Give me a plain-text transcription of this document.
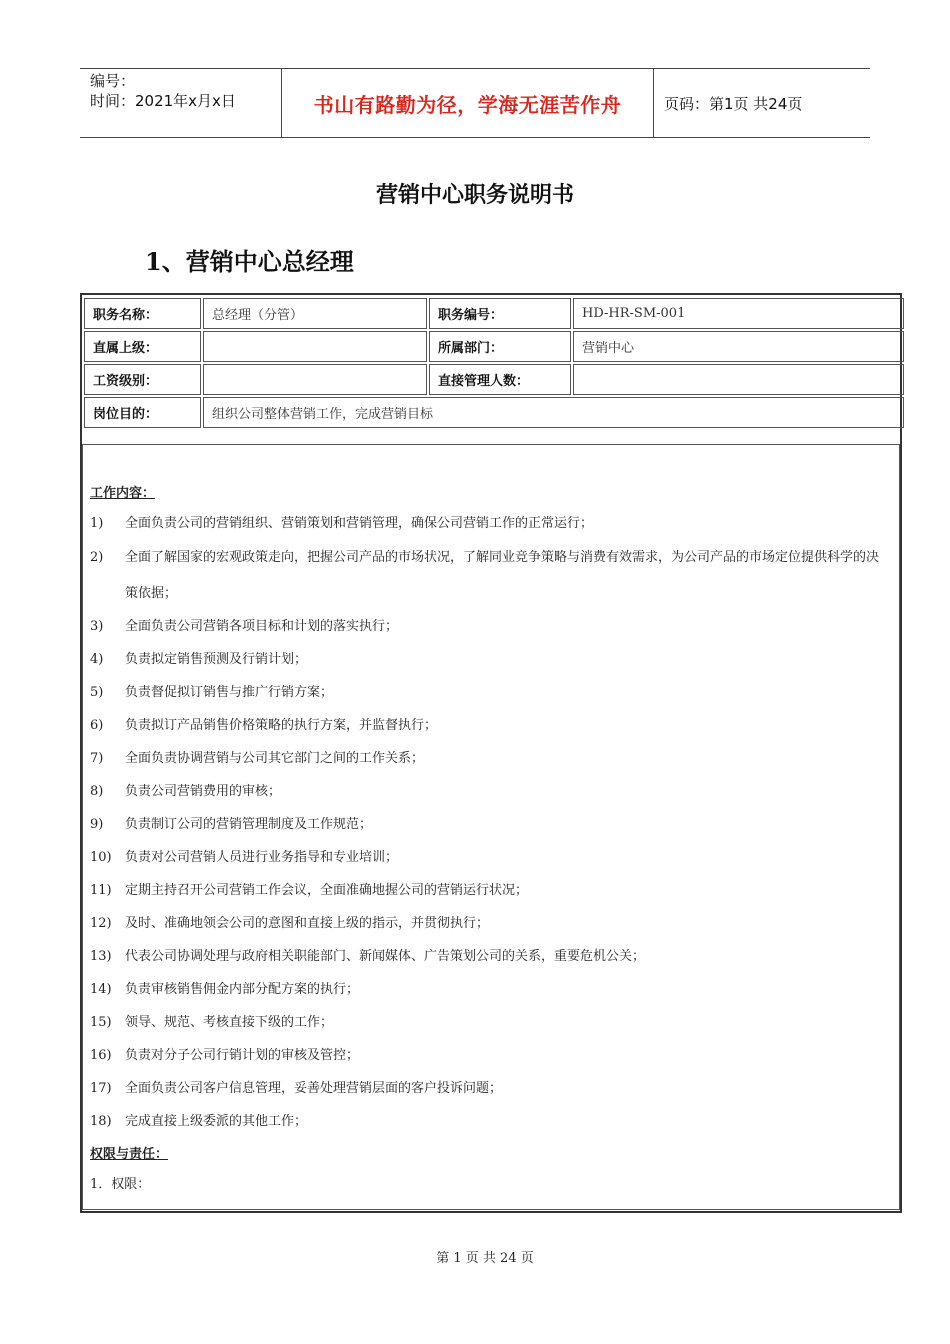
编号：
时间：2021年x月x日	书山有路勤为径，学海无涯苦作舟	页码：第1页 共24页
营销中心职务说明书
1、营销中心总经理
职务名称：	总经理（分管）	职务编号：	HD-HR-SM-001
直属上级：		所属部门：	营销中心
工资级别：		直接管理人数：	
岗位目的：	组织公司整体营销工作，完成营销目标		
工作内容：
1)	全面负责公司的营销组织、营销策划和营销管理，确保公司营销工作的正常运行；
2)	全面了解国家的宏观政策走向，把握公司产品的市场状况，了解同业竞争策略与消费有效需求，为公司产品的市场定位提供科学的决策依据；
3)	全面负责公司营销各项目标和计划的落实执行；
4)	负责拟定销售预测及行销计划；
5)	负责督促拟订销售与推广行销方案；
6)	负责拟订产品销售价格策略的执行方案，并监督执行；
7)	全面负责协调营销与公司其它部门之间的工作关系；
8)	负责公司营销费用的审核；
9)	负责制订公司的营销管理制度及工作规范；
10)	负责对公司营销人员进行业务指导和专业培训；
11)	定期主持召开公司营销工作会议，全面准确地握公司的营销运行状况；
12)	及时、准确地领会公司的意图和直接上级的指示，并贯彻执行；
13)	代表公司协调处理与政府相关职能部门、新闻媒体、广告策划公司的关系，重要危机公关；
14)	负责审核销售佣金内部分配方案的执行；
15)	领导、规范、考核直接下级的工作；
16)	负责对分子公司行销计划的审核及管控；
17)	全面负责公司客户信息管理，妥善处理营销层面的客户投诉问题；
18)	完成直接上级委派的其他工作；
权限与责任：
1．权限：
第 1 页 共 24 页
